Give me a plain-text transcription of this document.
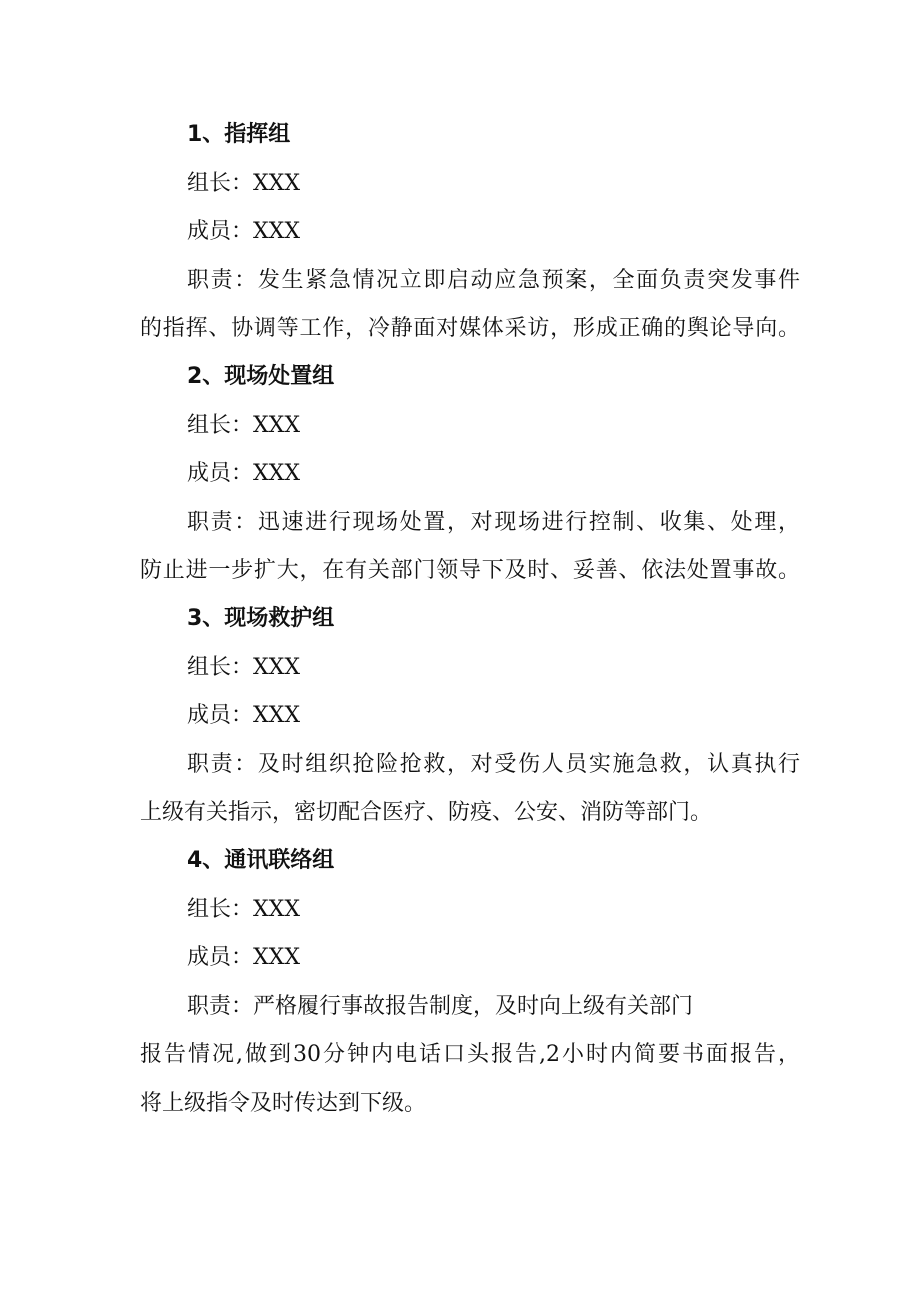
1、指挥组
组长：XXX
成员：XXX
职责：发生紧急情况立即启动应急预案，全面负责突发事件
的指挥、协调等工作，冷静面对媒体采访，形成正确的舆论导向。
2、现场处置组
组长：XXX
成员：XXX
职责：迅速进行现场处置，对现场进行控制、收集、处理，
防止进一步扩大，在有关部门领导下及时、妥善、依法处置事故。
3、现场救护组
组长：XXX
成员：XXX
职责：及时组织抢险抢救，对受伤人员实施急救，认真执行
上级有关指示，密切配合医疗、防疫、公安、消防等部门。
4、通讯联络组
组长：XXX
成员：XXX
职责：严格履行事故报告制度，及时向上级有关部门
报告情况,做到30分钟内电话口头报告,2小时内简要书面报告，
将上级指令及时传达到下级。
